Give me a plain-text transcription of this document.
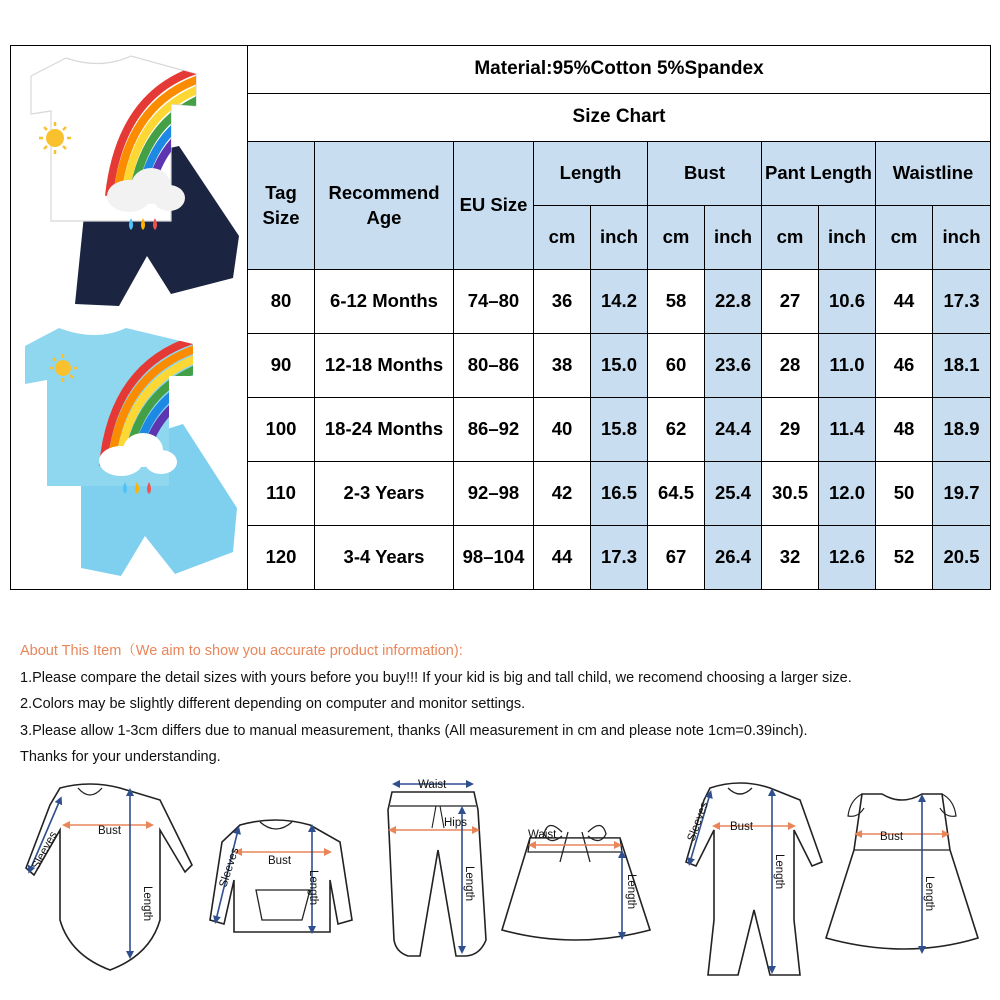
Material:95%Cotton 5%Spandex										
Size Chart										
Tag Size	Recommend Age	EU Size	Length		Bust		Pant Length		Waistline	
			cm	inch	cm	inch	cm	inch	cm	inch
80	6-12 Months	74–80	36	14.2	58	22.8	27	10.6	44	17.3
90	12-18 Months	80–86	38	15.0	60	23.6	28	11.0	46	18.1
100	18-24 Months	86–92	40	15.8	62	24.4	29	11.4	48	18.9
110	2-3 Years	92–98	42	16.5	64.5	25.4	30.5	12.0	50	19.7
120	3-4 Years	98–104	44	17.3	67	26.4	32	12.6	52	20.5
About This Item（We aim to show you accurate product information):
1.Please compare the detail sizes with yours before you buy!!! If your kid is big and tall child, we recomend choosing a larger size.
2.Colors may be slightly different depending on computer and monitor settings.
3.Please allow 1-3cm differs due to manual measurement, thanks (All measurement in cm and please note 1cm=0.39inch).
Thanks for your understanding.
Bust
Length
Sleeves	Bust
Length
Sleeves
Waist
Hips
Length
Waist
Length
Bust
Length
Sleeves	Bust
Length
